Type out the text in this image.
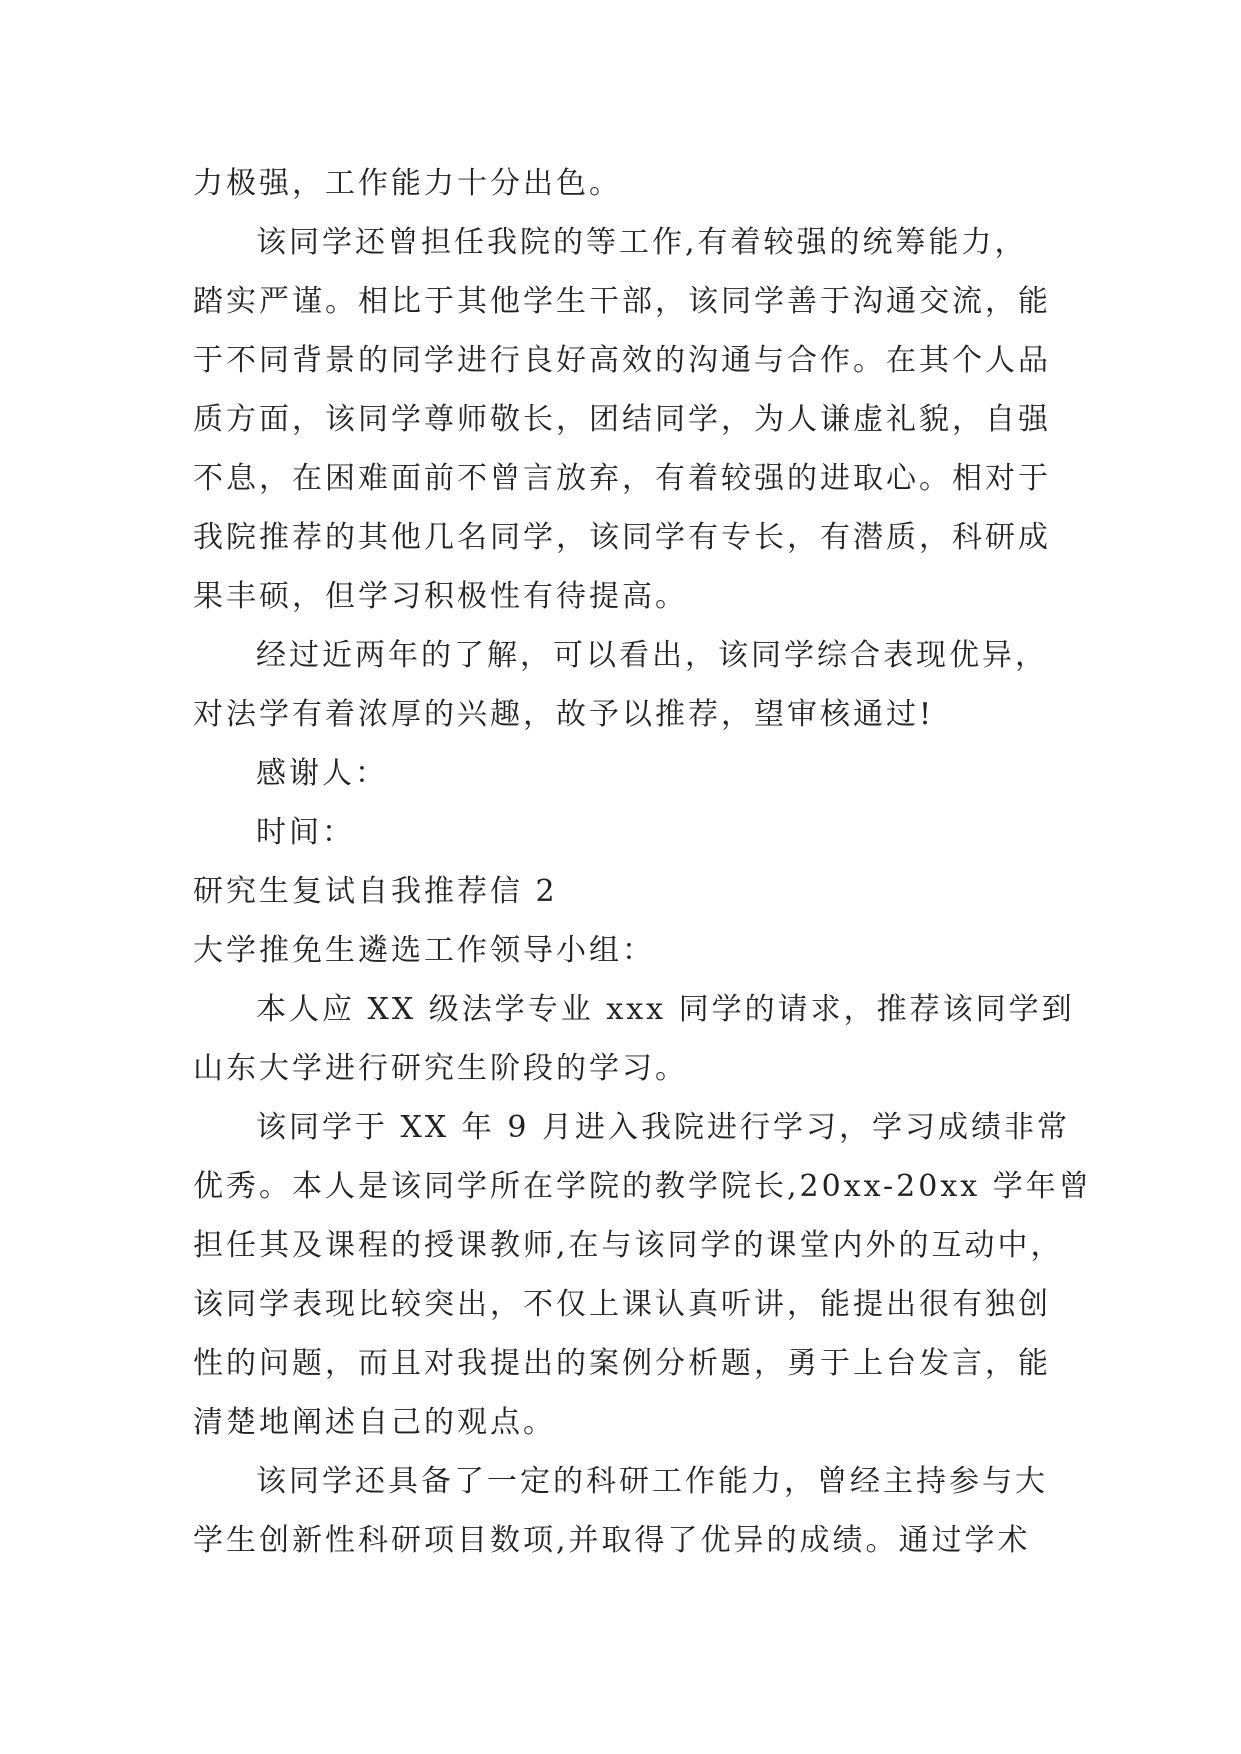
力极强，工作能力十分出色。
该同学还曾担任我院的等工作,有着较强的统筹能力，
踏实严谨。相比于其他学生干部，该同学善于沟通交流，能
于不同背景的同学进行良好高效的沟通与合作。在其个人品
质方面，该同学尊师敬长，团结同学，为人谦虚礼貌，自强
不息，在困难面前不曾言放弃，有着较强的进取心。相对于
我院推荐的其他几名同学，该同学有专长，有潜质，科研成
果丰硕，但学习积极性有待提高。
经过近两年的了解，可以看出，该同学综合表现优异，
对法学有着浓厚的兴趣，故予以推荐，望审核通过!
感谢人：
时间：
研究生复试自我推荐信 2
大学推免生遴选工作领导小组：
本人应 XX 级法学专业 xxx 同学的请求，推荐该同学到
山东大学进行研究生阶段的学习。
该同学于 XX 年 9 月进入我院进行学习，学习成绩非常
优秀。本人是该同学所在学院的教学院长,20xx-20xx 学年曾
担任其及课程的授课教师,在与该同学的课堂内外的互动中，
该同学表现比较突出，不仅上课认真听讲，能提出很有独创
性的问题，而且对我提出的案例分析题，勇于上台发言，能
清楚地阐述自己的观点。
该同学还具备了一定的科研工作能力，曾经主持参与大
学生创新性科研项目数项,并取得了优异的成绩。通过学术
